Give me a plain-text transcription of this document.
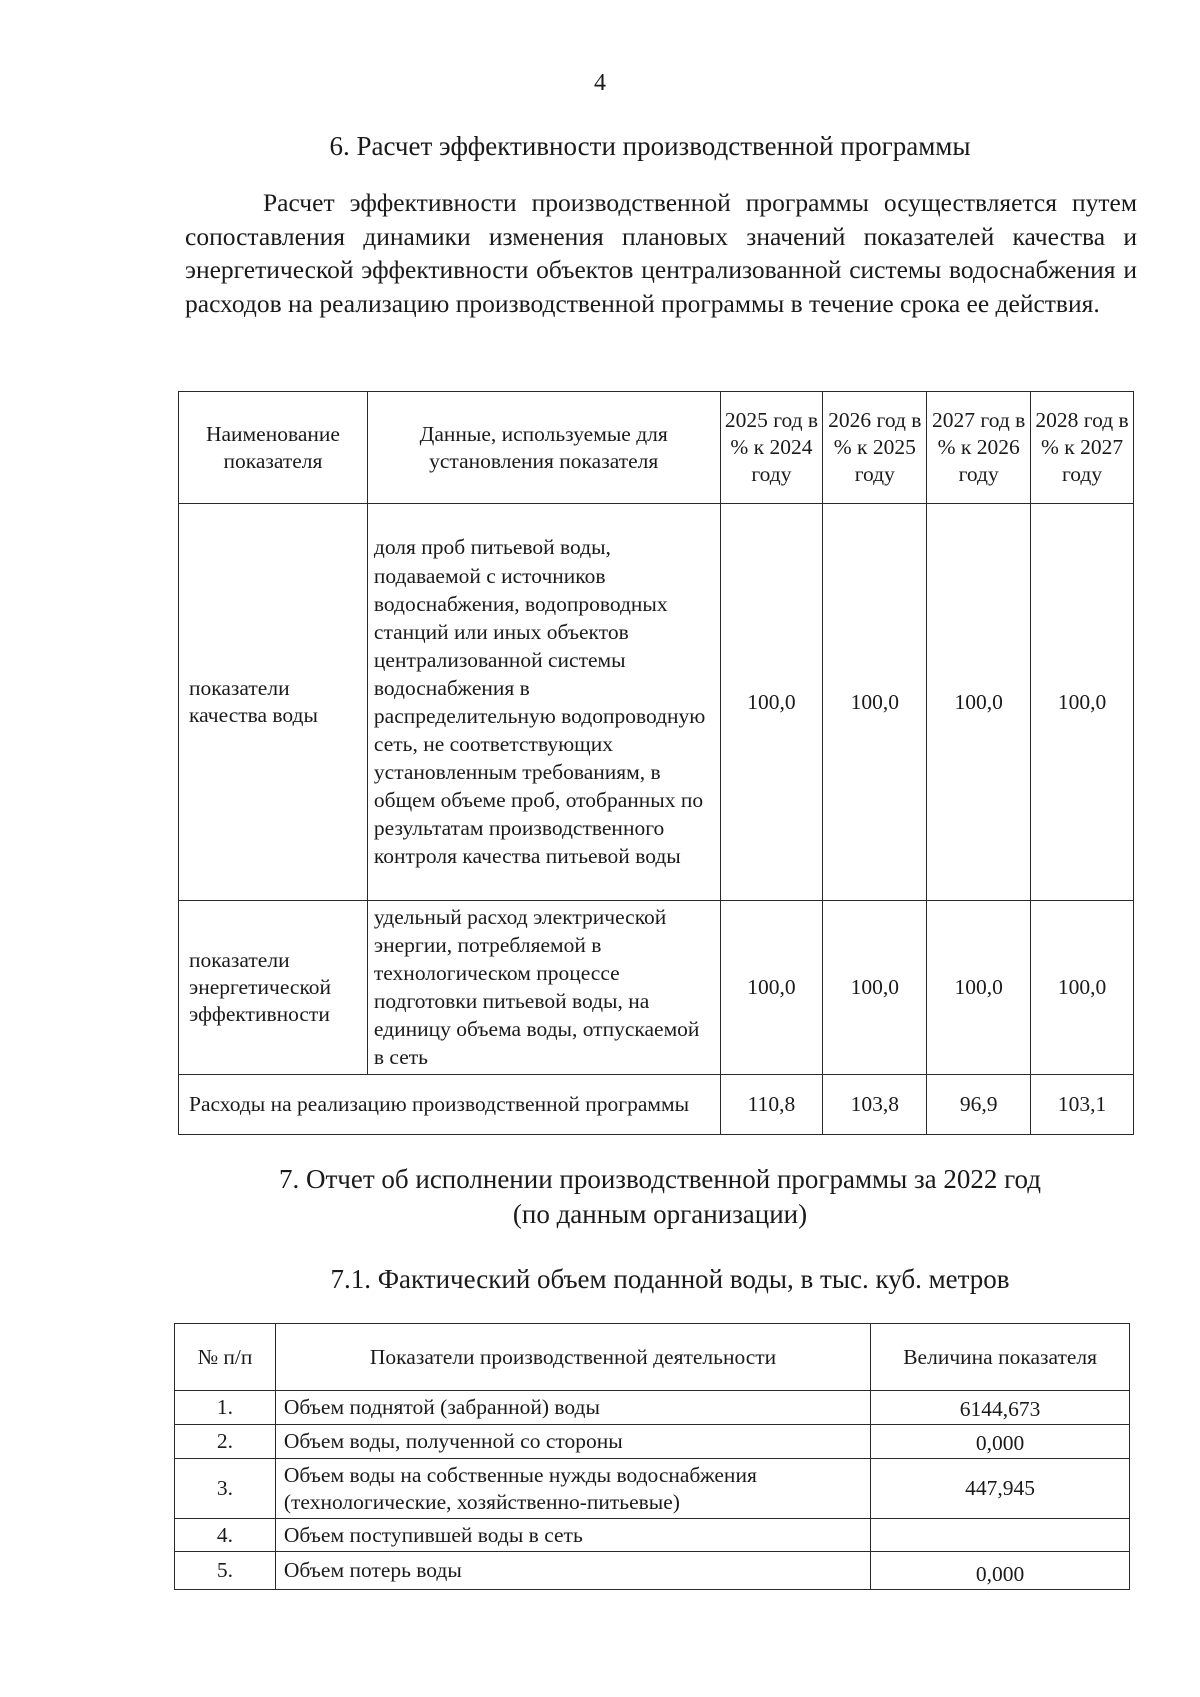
4
6. Расчет эффективности производственной программы

Расчет эффективности производственной программы осуществляется путем сопоставления динамики изменения плановых значений показателей качества и энергетической эффективности объектов централизованной системы водоснабжения и расходов на реализацию производственной программы в течение срока ее действия.

Наименование показателя	Данные, используемые для установления показателя	2025 год в % к 2024 году	2026 год в % к 2025 году	2027 год в % к 2026 году	2028 год в % к 2027 году
показатели качества воды	доля проб питьевой воды, подаваемой с источников водоснабжения, водопроводных станций или иных объектов централизованной системы водоснабжения в распределительную водопроводную сеть, не соответствующих установленным требованиям, в общем объеме проб, отобранных по результатам производственного контроля качества питьевой воды	100,0	100,0	100,0	100,0
показатели энергетической эффективности	удельный расход электрической энергии, потребляемой в технологическом процессе подготовки питьевой воды, на единицу объема воды, отпускаемой в сеть	100,0	100,0	100,0	100,0
Расходы на реализацию производственной программы		110,8	103,8	96,9	103,1
7. Отчет об исполнении производственной программы за 2022 год
(по данным организации)
7.1. Фактический объем поданной воды, в тыс. куб. метров
№ п/п	Показатели производственной деятельности	Величина показателя
1.	Объем поднятой (забранной) воды	6144,673
2.	Объем воды, полученной со стороны	0,000
3.	Объем воды на собственные нужды водоснабжения (технологические, хозяйственно-питьевые)	447,945
4.	Объем поступившей воды в сеть	
5.	Объем потерь воды	0,000
